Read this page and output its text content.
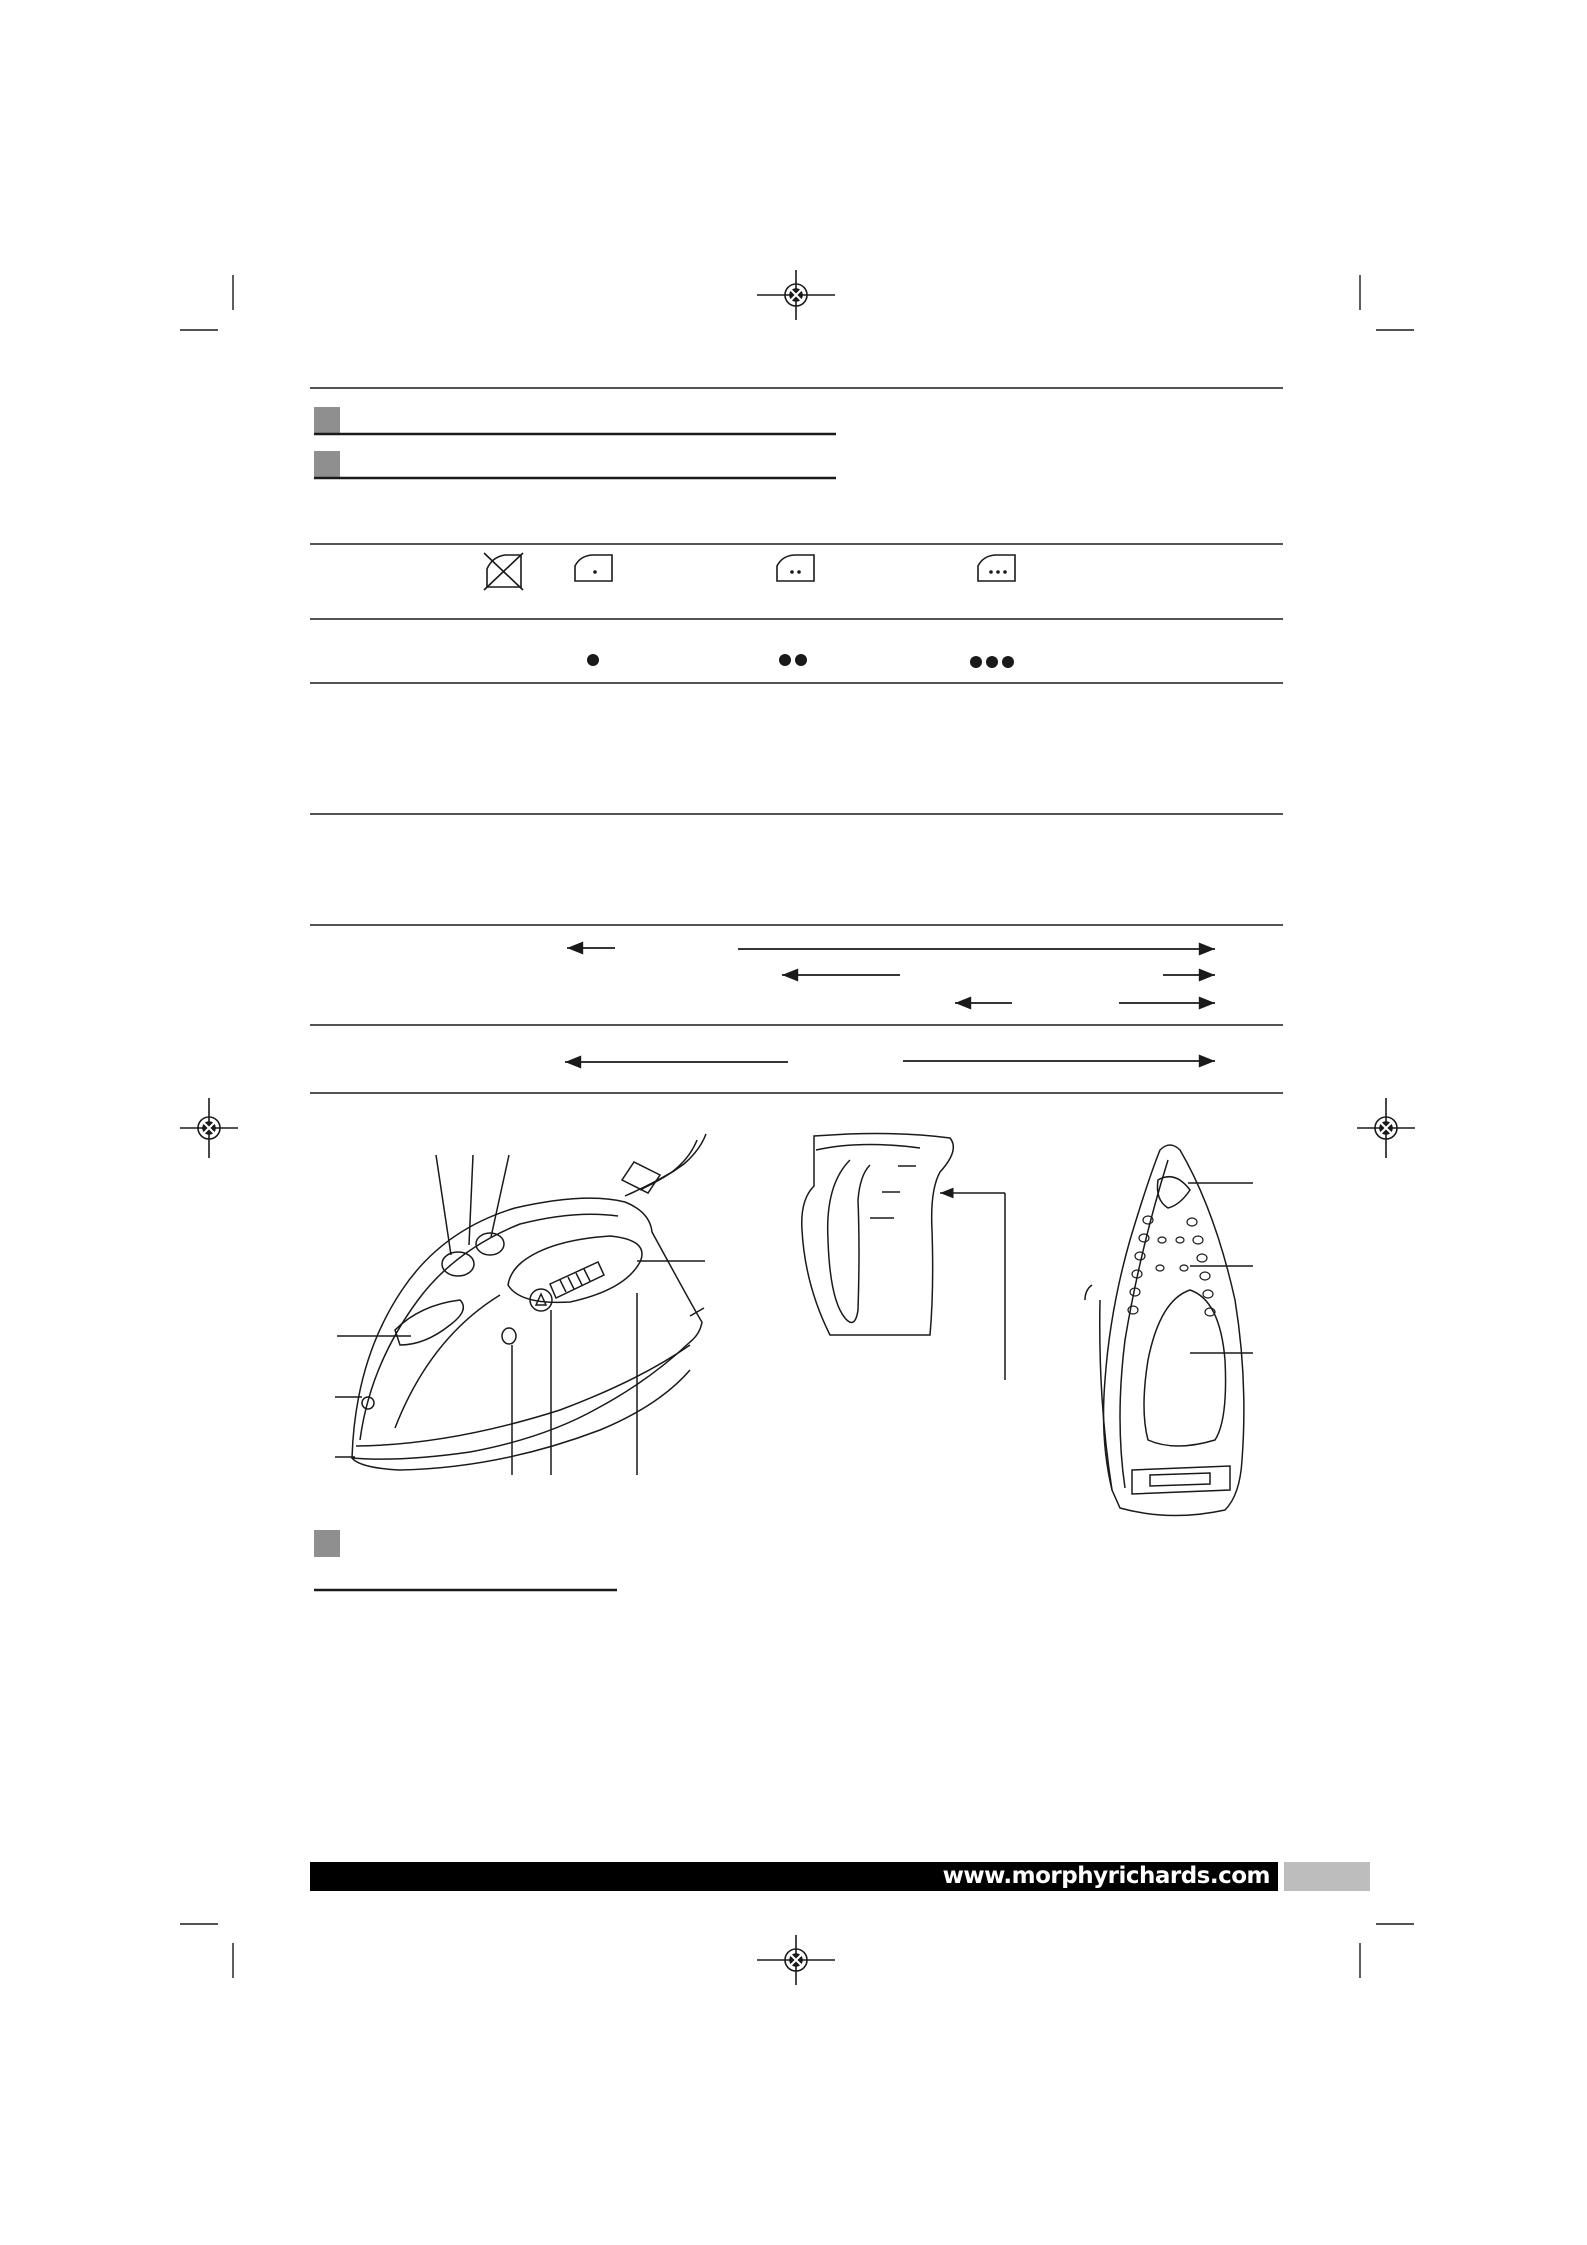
www.morphyrichards.com
